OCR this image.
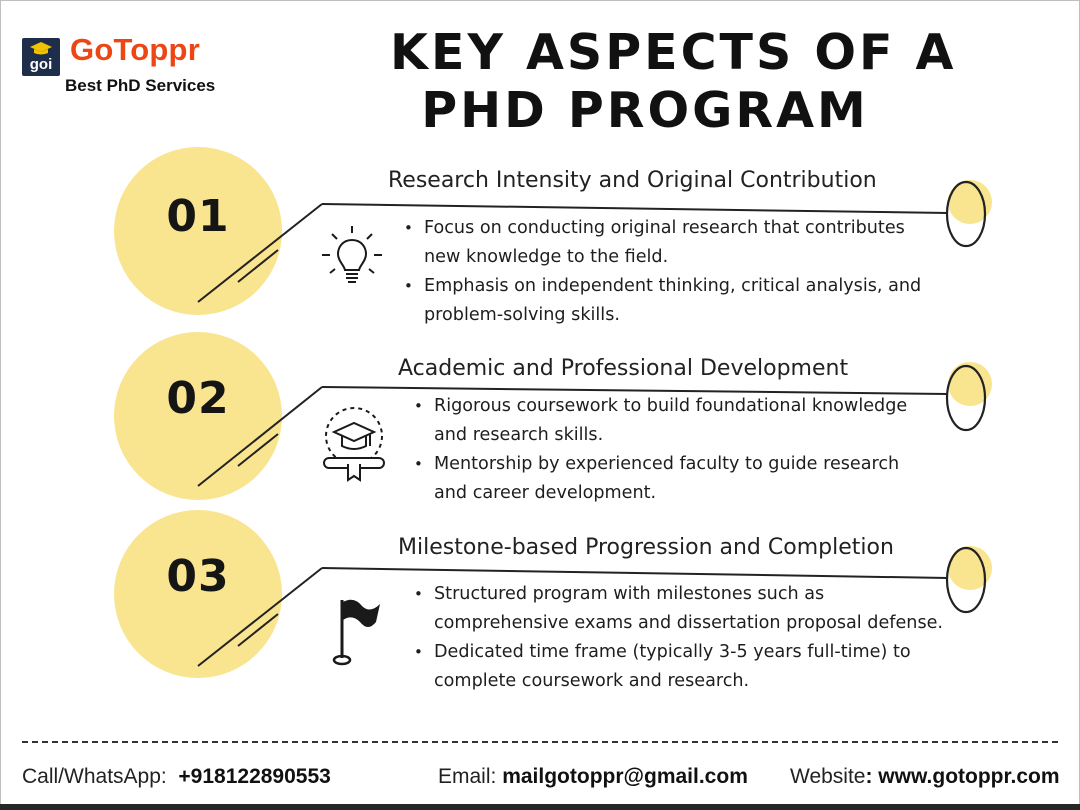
goi GoToppr
Best PhD Services
KEY ASPECTS OF A
PHD PROGRAM
01
Research Intensity and Original Contribution
• Focus on conducting original research that contributes
new knowledge to the field.
• Emphasis on independent thinking, critical analysis, and
problem-solving skills.
02
Academic and Professional Development
• Rigorous coursework to build foundational knowledge
and research skills.
• Mentorship by experienced faculty to guide research
and career development.
03
Milestone-based Progression and Completion
• Structured program with milestones such as
comprehensive exams and dissertation proposal defense.
• Dedicated time frame (typically 3-5 years full-time) to
complete coursework and research.
Call/WhatsApp: +918122890553	Email: mailgotoppr@gmail.com Website: www.gotoppr.com
